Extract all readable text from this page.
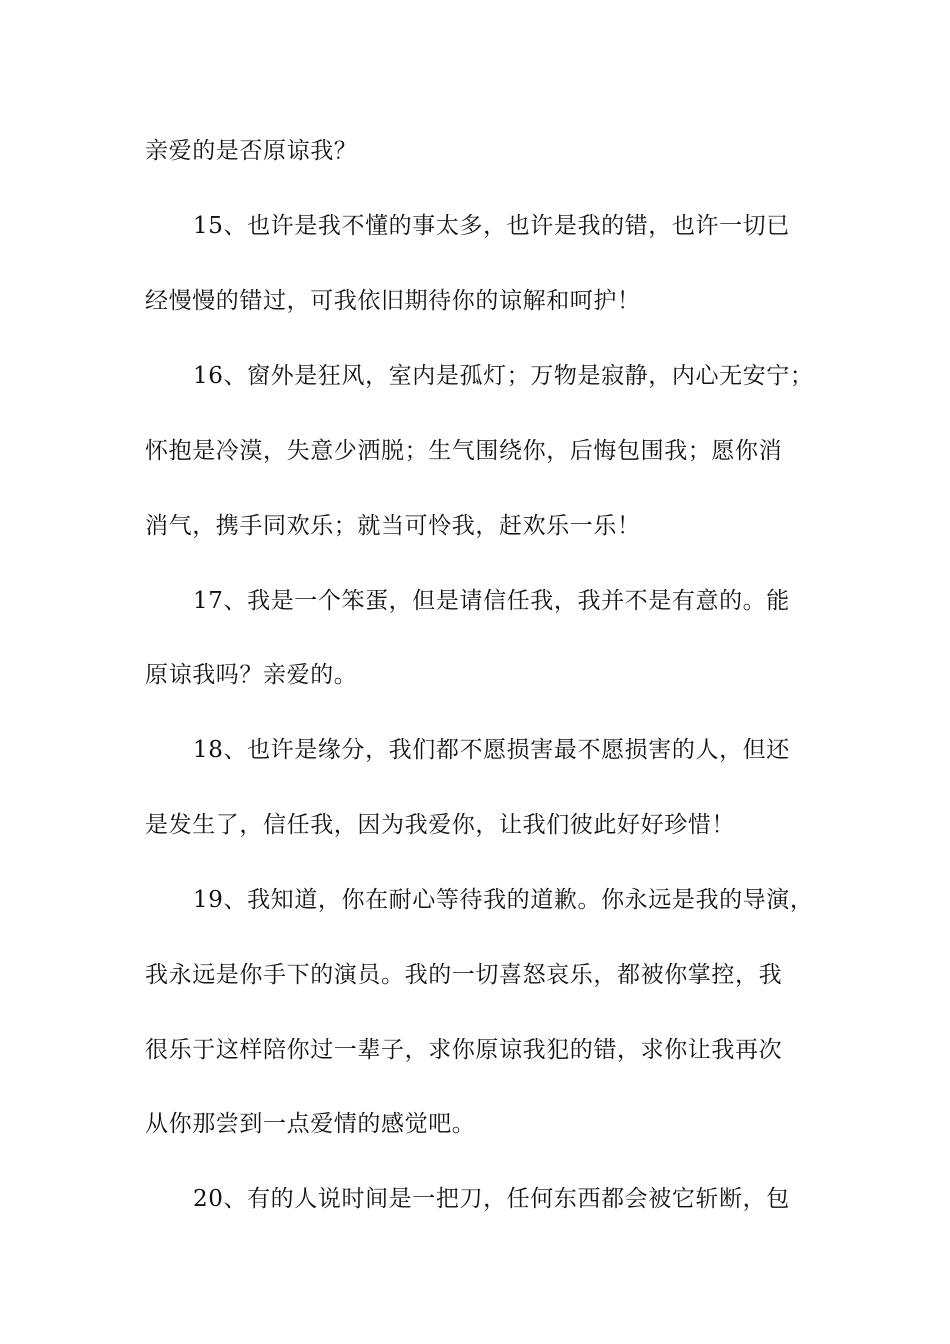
亲爱的是否原谅我？
15、也许是我不懂的事太多，也许是我的错，也许一切已
经慢慢的错过，可我依旧期待你的谅解和呵护！
16、窗外是狂风，室内是孤灯；万物是寂静，内心无安宁；
怀抱是冷漠，失意少洒脱；生气围绕你，后悔包围我；愿你消
消气，携手同欢乐；就当可怜我，赶欢乐一乐！
17、我是一个笨蛋，但是请信任我，我并不是有意的。能
原谅我吗？亲爱的。
18、也许是缘分，我们都不愿损害最不愿损害的人，但还
是发生了，信任我，因为我爱你，让我们彼此好好珍惜！
19、我知道，你在耐心等待我的道歉。你永远是我的导演，
我永远是你手下的演员。我的一切喜怒哀乐，都被你掌控，我
很乐于这样陪你过一辈子，求你原谅我犯的错，求你让我再次
从你那尝到一点爱情的感觉吧。
20、有的人说时间是一把刀，任何东西都会被它斩断，包
